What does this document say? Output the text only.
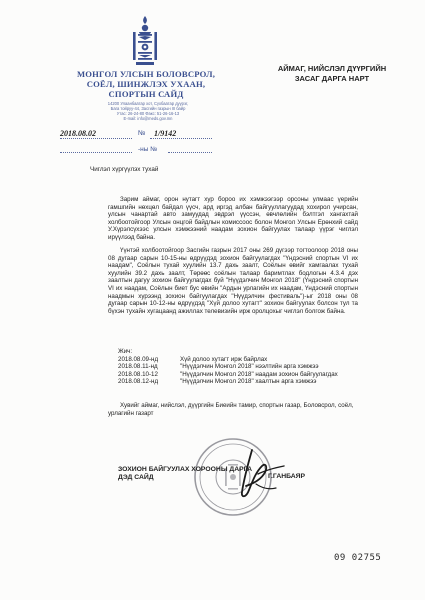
МОНГОЛ УЛСЫН БОЛОВСРОЛ,
СОЁЛ, ШИНЖЛЭХ УХААН,
СПОРТЫН САЙД
14200 Улаанбаатар хот, Сүхбаатар дүүрэг,
Бага тойруу-44, Засгийн газрын III байр
Утас: 26-24-80 Факс: 51-26-16-13
E-mail: info@meds.gov.mn
2018.08.02	№	1/9142
-ны №
АЙМАГ, НИЙСЛЭЛ ДҮҮРГИЙН
ЗАСАГ ДАРГА НАРТ
Чиглэл хүргүүлэх тухай

Зарим аймаг, орон нутагт хур бороо их хэмжээгээр орсоны улмаас үерийн гамшгийн нөхцөл байдал үүсч, ард иргэд албан байгууллагуудад хохирол учирсан, улсын чанартай авто замуудад эвдрэл үүссэн, өвчлөлийн бэлтгэл хангахтай холбоотойгоор Улсын онцгой байдлын комиссоос болон Монгол Улсын Ерөнхий сайд У.Хүрэлсүхээс улсын хэмжээний наадам зохион байгуулах талаар үүрэг чиглэл ирүүлээд байна.

Үүнтэй холбоотойгоор Засгийн газрын 2017 оны 269 дүгээр тогтоолоор 2018 оны 08 дугаар сарын 10-15-ны өдрүүдэд зохион байгуулагдах "Үндэсний спортын VI их наадам", Соёлын тухай хуулийн 13.7 дахь заалт, Соёлын өвийг хамгаалах тухай хуулийн 39.2 дахь заалт, Төрөөс соёлын талаар баримтлах бодлогын 4.3.4 дэх заалтын дагуу зохион байгуулагдах буй "Нүүдэлчин Монгол 2018" (Үндэсний спортын VI их наадам, Соёлын биет бус өвийн "Ардын урлагийн их наадам, Үндэсний спортын наадмын хурээнд зохион байгуулагдах "Нүүдэлчин фестиваль")-ыг 2018 оны 08 дугаар сарын 10-12-ны өдрүүдэд "Хүй долоо хутагт" зохион байгуулах болсон тул та бүхэн тухайн хугацаанд ажиллах телевизийн ирж оролцохыг чиглэл болгож байна.

Жич:
2018.08.09-нд	Хүй долоо хутагт ирж байрлах
2018.08.11-нд	"Нүүдэлчин Монгол 2018" нээлтийн арга хэмжээ
2018.08.10-12	"Нүүдэлчин Монгол 2018" наадам зохион байгуулагдах
2018.08.12-нд	"Нүүдэлчин Монгол 2018" хаалтын арга хэмжээ

Хувийг аймаг, нийслэл, дүүргийн Биеийн тамир, спортын газар, Боловсрол, соёл, урлагийн газарт

ЗОХИОН БАЙГУУЛАХ ХОРООНЫ ДАРГА
ДЭД САЙД	Г.ГАНБАЯР
09 02755
